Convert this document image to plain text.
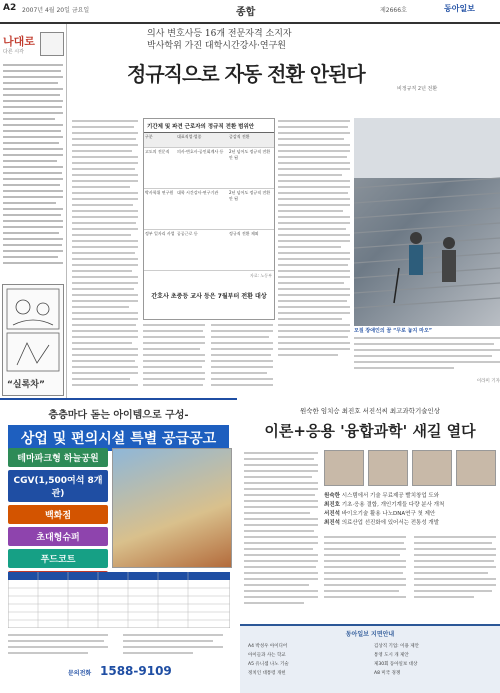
A2 2007년 4월 20일 금요일	종합	제2666호	동아일보
나대로
다른 시각
“실록차”
의사 변호사등 16개 전문자격 소지자
박사학위 가진 대학시간강사·연구원
정규직으로 자동 전환 안된다
비정규직 2년 전환
기간제 및 파견 근로자의 정규직 전환 범위안
구분	대표직업·업종	증감직 전환
고도의 전문직	의사·변호사·공인회계사 등	2년 넘어도 정규직 전환 안 됨
박사학위 연구원 대학 시간강사·연구기관	2년 넘어도 정규직 전환 안 됨
정부 일자리 사업 공공근로 등	정규직 전환 제외
자료: 노동부
간호사 초중등 교사 등은 7월부터 전환 대상
모질 장애인의 꿈 “무로 놓지 마오”
이라미 기자
층층마다 돋는 아이템으로 구성-
상업 및 편의시설 특별 공급공고
테마파크형 하늘공원
CGV(1,500여석 8개관)
백화점
초대형슈퍼
푸드코트
문의전화 1588-9109
원숙한 임치승 최진호 서진석씨 최고과학기술인상
이론+응용 '융합과학' 새길 열다
원숙한 시스템에서 기술 무료제공 빨치창업 도와
최진호 기초·응용 결합, 개인기계들 다량 분사 개척
서진석 바이오기술 활용 나노DNA연구 첫 제안
최진석 의료산업 선진화에 있어서는 전통성 개발
동아일보 지면안내
A4 박성우 아이디어	김상직 기업: 이용 제안
아이들과 사는 학교	통영 도시 개 제안
A5 유니셈 나노 기술	제30회 동아일보 대상
정치인 대통령 개헌	A8 미국 경쟁
